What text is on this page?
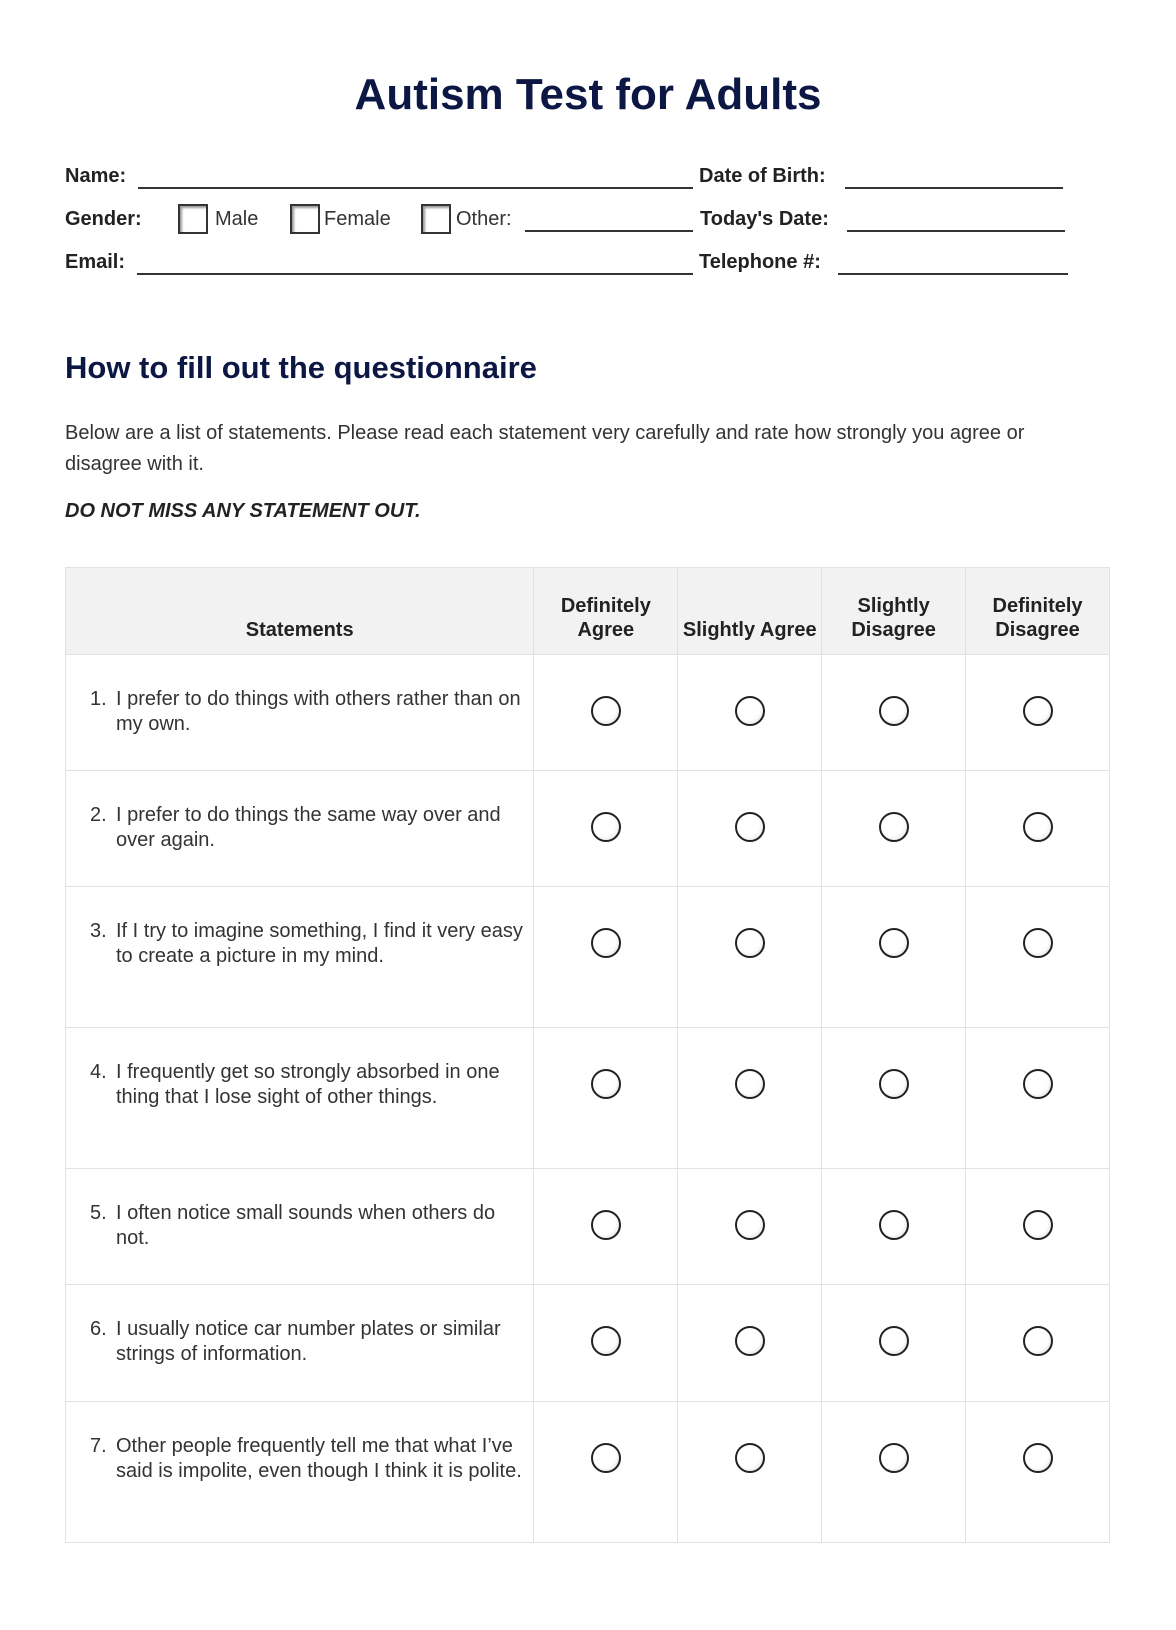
Autism Test for Adults
Name:	Date of Birth:
Gender:	Male	Female	Other:	Today's Date:
Email:	Telephone #:
How to fill out the questionnaire

Below are a list of statements. Please read each statement very carefully and rate how strongly you agree or disagree with it.

DO NOT MISS ANY STATEMENT OUT.

Statements	Definitely Agree	Slightly Agree	Slightly Disagree	Definitely Disagree

1. I prefer to do things with others rather than on my own.				

2. I prefer to do things the same way over and over again.				

3. If I try to imagine something, I find it very easy to create a picture in my mind.				

4. I frequently get so strongly absorbed in one thing that I lose sight of other things.				

5. I often notice small sounds when others do not.				

6. I usually notice car number plates or similar strings of information.				

7. Other people frequently tell me that what I’ve said is impolite, even though I think it is polite.				
